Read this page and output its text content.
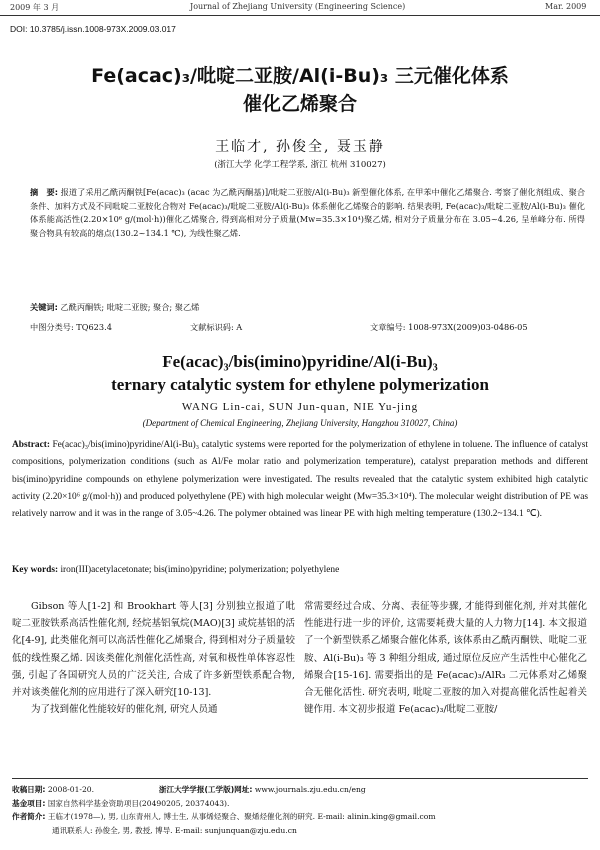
2009 年 3 月	Journal of Zhejiang University (Engineering Science)	Mar. 2009
DOI: 10.3785/j.issn.1008-973X.2009.03.017
Fe(acac)₃/吡啶二亚胺/Al(i-Bu)₃ 三元催化体系
催化乙烯聚合
王临才, 孙俊全, 聂玉静
(浙江大学 化学工程学系, 浙江 杭州 310027)
摘　要: 报道了采用乙酰丙酮铁[Fe(acac)₃ (acac 为乙酰丙酮基)]/吡啶二亚胺/Al(i-Bu)₃ 新型催化体系, 在甲苯中催化乙烯聚合. 考察了催化剂组成、聚合条件、加料方式及不同吡啶二亚胺化合物对 Fe(acac)₃/吡啶二亚胺/Al(i-Bu)₃ 体系催化乙烯聚合的影响. 结果表明, Fe(acac)₃/吡啶二亚胺/Al(i-Bu)₃ 催化体系能高活性(2.20×10⁶ g/(mol·h))催化乙烯聚合, 得到高相对分子质量(Mw=35.3×10⁴)聚乙烯, 相对分子质量分布在 3.05~4.26, 呈单峰分布. 所得聚合物具有较高的熔点(130.2~134.1 ℃), 为线性聚乙烯.
关键词: 乙酰丙酮铁; 吡啶二亚胺; 聚合; 聚乙烯
中图分类号: TQ623.4	文献标识码: A	文章编号: 1008-973X(2009)03-0486-05
Fe(acac)₃/bis(imino)pyridine/Al(i-Bu)₃
ternary catalytic system for ethylene polymerization
WANG Lin-cai, SUN Jun-quan, NIE Yu-jing
(Department of Chemical Engineering, Zhejiang University, Hangzhou 310027, China)
Abstract: Fe(acac)₃/bis(imino)pyridine/Al(i-Bu)₃ catalytic systems were reported for the polymerization of ethylene in toluene. The influence of catalyst compositions, polymerization conditions (such as Al/Fe molar ratio and polymerization temperature), catalyst preparation methods and different bis(imino)pyridine compounds on ethylene polymerization were investigated. The results revealed that the catalytic system exhibited high catalytic activity (2.20×10⁶ g/(mol·h)) and produced polyethylene (PE) with high molecular weight (Mw=35.3×10⁴). The molecular weight distribution of PE was relatively narrow and it was in the range of 3.05~4.26. The polymer obtained was linear PE with high melting temperature (130.2~134.1 ℃).
Key words: iron(III)acetylacetonate; bis(imino)pyridine; polymerization; polyethylene

Gibson 等人[1-2] 和 Brookhart 等人[3] 分别独立报道了吡啶二亚胺铁系高活性催化剂, 经烷基铝氧烷(MAO)[3] 或烷基铝的活化[4-9], 此类催化剂可以高活性催化乙烯聚合, 得到相对分子质量较低的线性聚乙烯. 因该类催化剂催化活性高, 对氧和极性单体容忍性强, 引起了各国研究人员的广泛关注, 合成了许多新型铁系配合物, 并对该类催化剂的应用进行了深入研究[10-13].

为了找到催化性能较好的催化剂, 研究人员通

常需要经过合成、分离、表征等步骤, 才能得到催化剂, 并对其催化性能进行进一步的评价, 这需要耗费大量的人力物力[14]. 本文报道了一个新型铁系乙烯聚合催化体系, 该体系由乙酰丙酮铁、吡啶二亚胺、Al(i-Bu)₃ 等 3 种组分组成, 通过原位反应产生活性中心催化乙烯聚合[15-16]. 需要指出的是 Fe(acac)₃/AlR₃ 二元体系对乙烯聚合无催化活性. 研究表明, 吡啶二亚胺的加入对提高催化活性起着关键作用. 本文初步报道 Fe(acac)₃/吡啶二亚胺/

收稿日期: 2008-01-20.	浙江大学学报(工学版)网址: www.journals.zju.edu.cn/eng
基金项目: 国家自然科学基金资助项目(20490205, 20374043).
作者简介: 王临才(1978—), 男, 山东青州人, 博士生, 从事烯烃聚合、聚烯烃催化剂的研究. E-mail: alinin.king@gmail.com
通讯联系人: 孙俊全, 男, 教授, 博导. E-mail: sunjunquan@zju.edu.cn
